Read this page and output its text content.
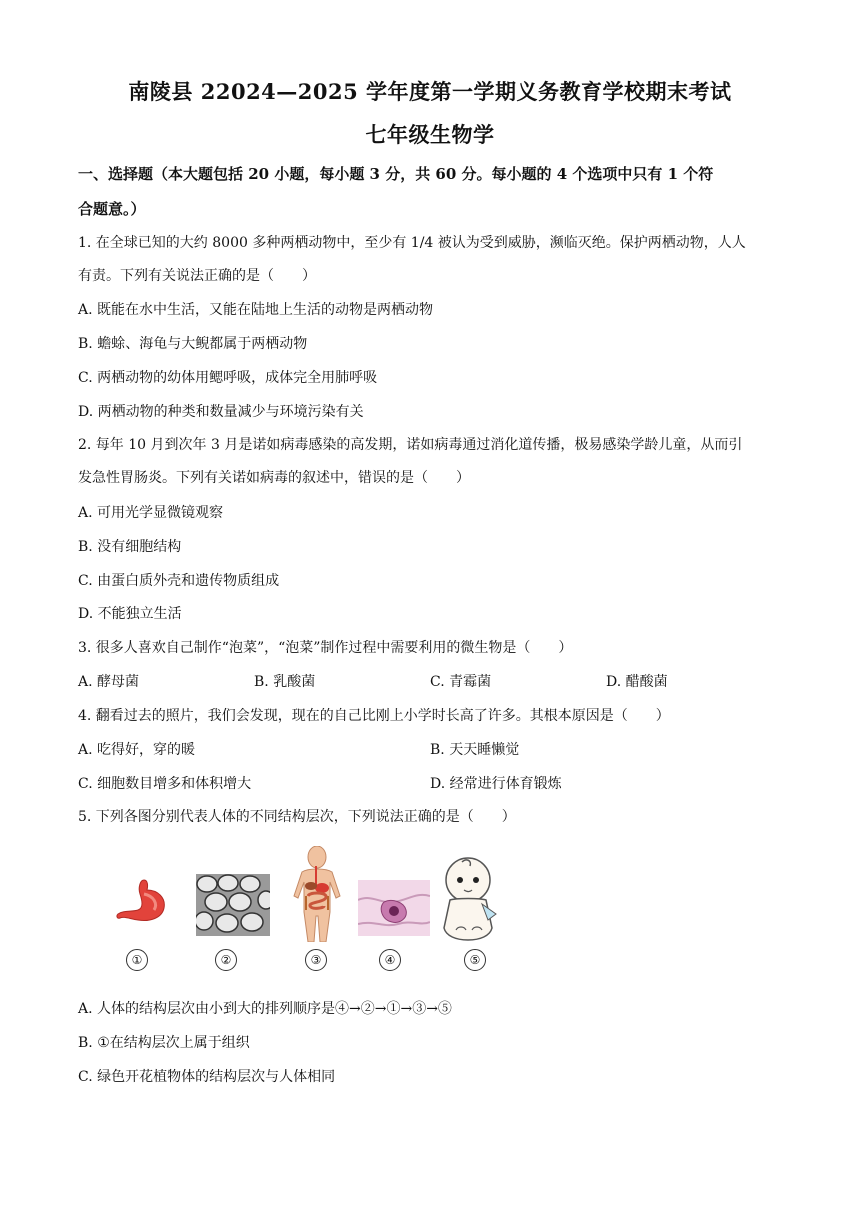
南陵县 22024—2025 学年度第一学期义务教育学校期末考试
七年级生物学
一、选择题（本大题包括 20 小题，每小题 3 分，共 60 分。每小题的 4 个选项中只有 1 个符
合题意。）
1. 在全球已知的大约 8000 多种两栖动物中，至少有 1/4 被认为受到威胁，濒临灭绝。保护两栖动物，人人
有责。下列有关说法正确的是（　　）
A. 既能在水中生活，又能在陆地上生活的动物是两栖动物
B. 蟾蜍、海龟与大鲵都属于两栖动物
C. 两栖动物的幼体用鳃呼吸，成体完全用肺呼吸
D. 两栖动物的种类和数量减少与环境污染有关
2. 每年 10 月到次年 3 月是诺如病毒感染的高发期，诺如病毒通过消化道传播，极易感染学龄儿童，从而引
发急性胃肠炎。下列有关诺如病毒的叙述中，错误的是（　　）
A. 可用光学显微镜观察
B. 没有细胞结构
C. 由蛋白质外壳和遗传物质组成
D. 不能独立生活
3. 很多人喜欢自己制作“泡菜”，“泡菜”制作过程中需要利用的微生物是（　　）
A. 酵母菌	B. 乳酸菌	C. 青霉菌	D. 醋酸菌
4. 翻看过去的照片，我们会发现，现在的自己比刚上小学时长高了许多。其根本原因是（　　）
A. 吃得好，穿的暖	B. 天天睡懒觉
C. 细胞数目增多和体积增大	D. 经常进行体育锻炼
5. 下列各图分别代表人体的不同结构层次，下列说法正确的是（　　）
①	②	③	④	⑤
A. 人体的结构层次由小到大的排列顺序是④→②→①→③→⑤
B. ①在结构层次上属于组织
C. 绿色开花植物体的结构层次与人体相同
